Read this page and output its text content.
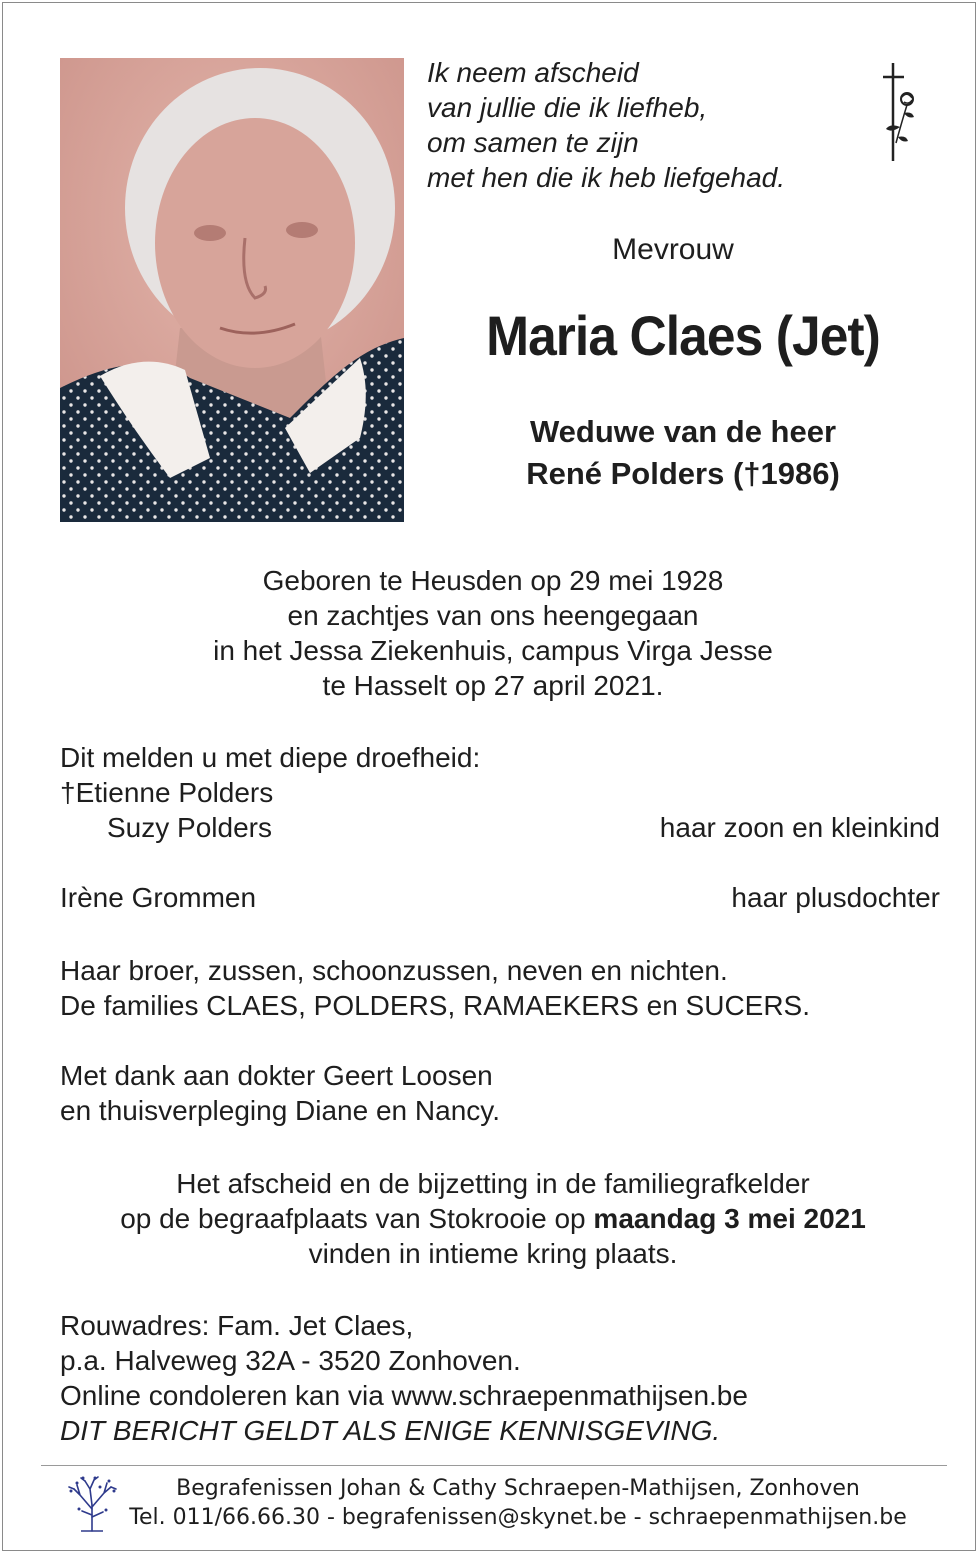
Ik neem afscheid
van jullie die ik liefheb,
om samen te zijn
met hen die ik heb liefgehad.
Mevrouw
Maria Claes (Jet)
Weduwe van de heer
René Polders (†1986)
Geboren te Heusden op 29 mei 1928
en zachtjes van ons heengegaan
in het Jessa Ziekenhuis, campus Virga Jesse
te Hasselt op 27 april 2021.
Dit melden u met diepe droefheid:
†Etienne Polders
Suzy Polders	haar zoon en kleinkind
Irène Grommen	haar plusdochter
Haar broer, zussen, schoonzussen, neven en nichten.
De families CLAES, POLDERS, RAMAEKERS en SUCERS.
Met dank aan dokter Geert Loosen
en thuisverpleging Diane en Nancy.
Het afscheid en de bijzetting in de familiegrafkelder
op de begraafplaats van Stokrooie op maandag 3 mei 2021
vinden in intieme kring plaats.
Rouwadres: Fam. Jet Claes,
p.a. Halveweg 32A - 3520 Zonhoven.
Online condoleren kan via www.schraepenmathijsen.be
DIT BERICHT GELDT ALS ENIGE KENNISGEVING.
Begrafenissen Johan & Cathy Schraepen-Mathijsen, Zonhoven
Tel. 011/66.66.30 - begrafenissen@skynet.be - schraepenmathijsen.be
